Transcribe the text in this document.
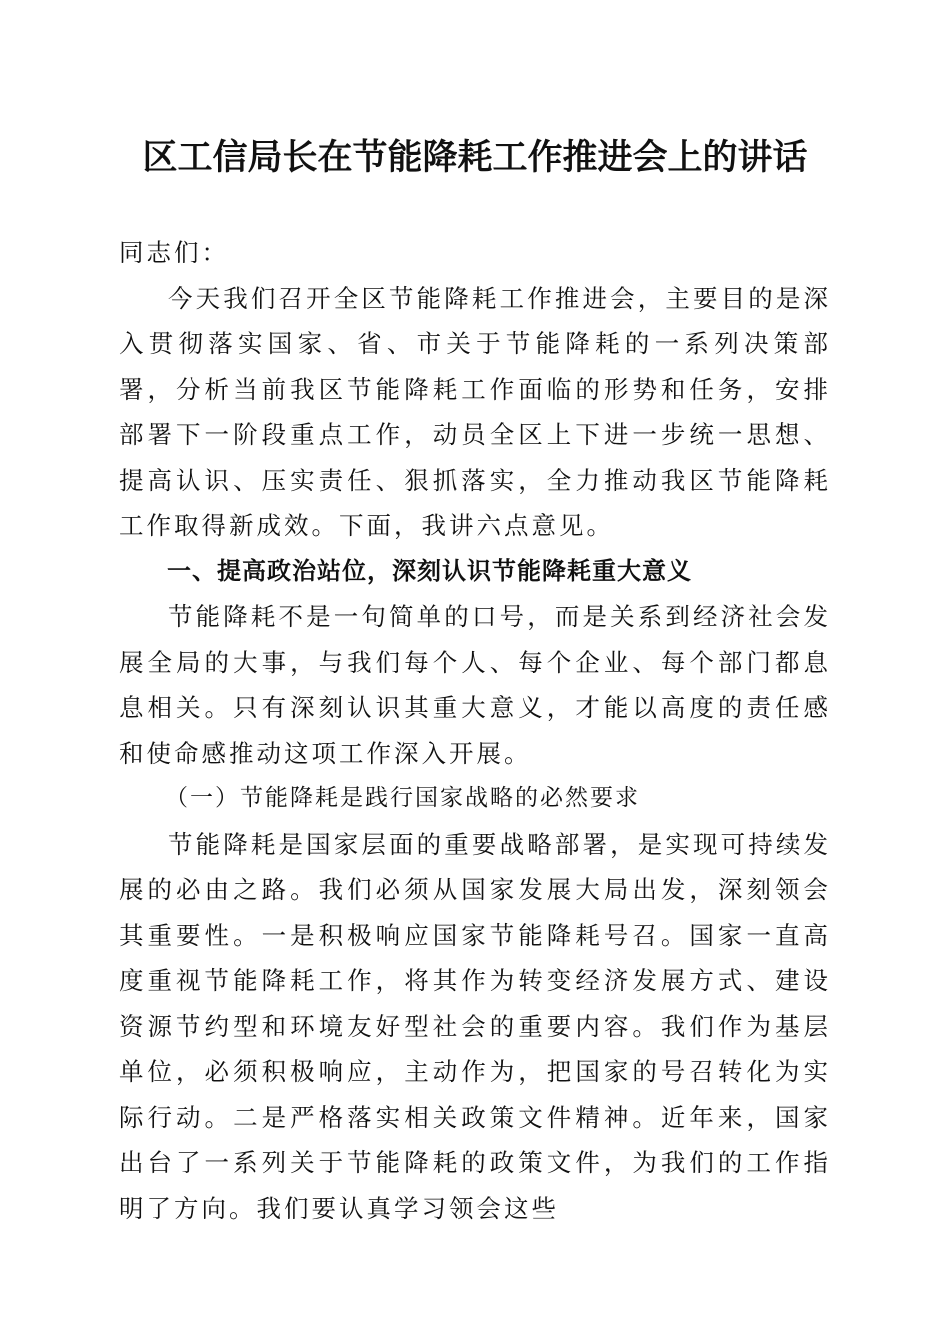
区工信局长在节能降耗工作推进会上的讲话

同志们：

今天我们召开全区节能降耗工作推进会，主要目的是深入贯彻落实国家、省、市关于节能降耗的一系列决策部署，分析当前我区节能降耗工作面临的形势和任务，安排部署下一阶段重点工作，动员全区上下进一步统一思想、提高认识、压实责任、狠抓落实，全力推动我区节能降耗工作取得新成效。下面，我讲六点意见。

一、提高政治站位，深刻认识节能降耗重大意义

节能降耗不是一句简单的口号，而是关系到经济社会发展全局的大事，与我们每个人、每个企业、每个部门都息息相关。只有深刻认识其重大意义，才能以高度的责任感和使命感推动这项工作深入开展。

（一）节能降耗是践行国家战略的必然要求

节能降耗是国家层面的重要战略部署，是实现可持续发展的必由之路。我们必须从国家发展大局出发，深刻领会其重要性。一是积极响应国家节能降耗号召。国家一直高度重视节能降耗工作，将其作为转变经济发展方式、建设资源节约型和环境友好型社会的重要内容。我们作为基层单位，必须积极响应，主动作为，把国家的号召转化为实际行动。二是严格落实相关政策文件精神。近年来，国家出台了一系列关于节能降耗的政策文件，为我们的工作指明了方向。我们要认真学习领会这些
